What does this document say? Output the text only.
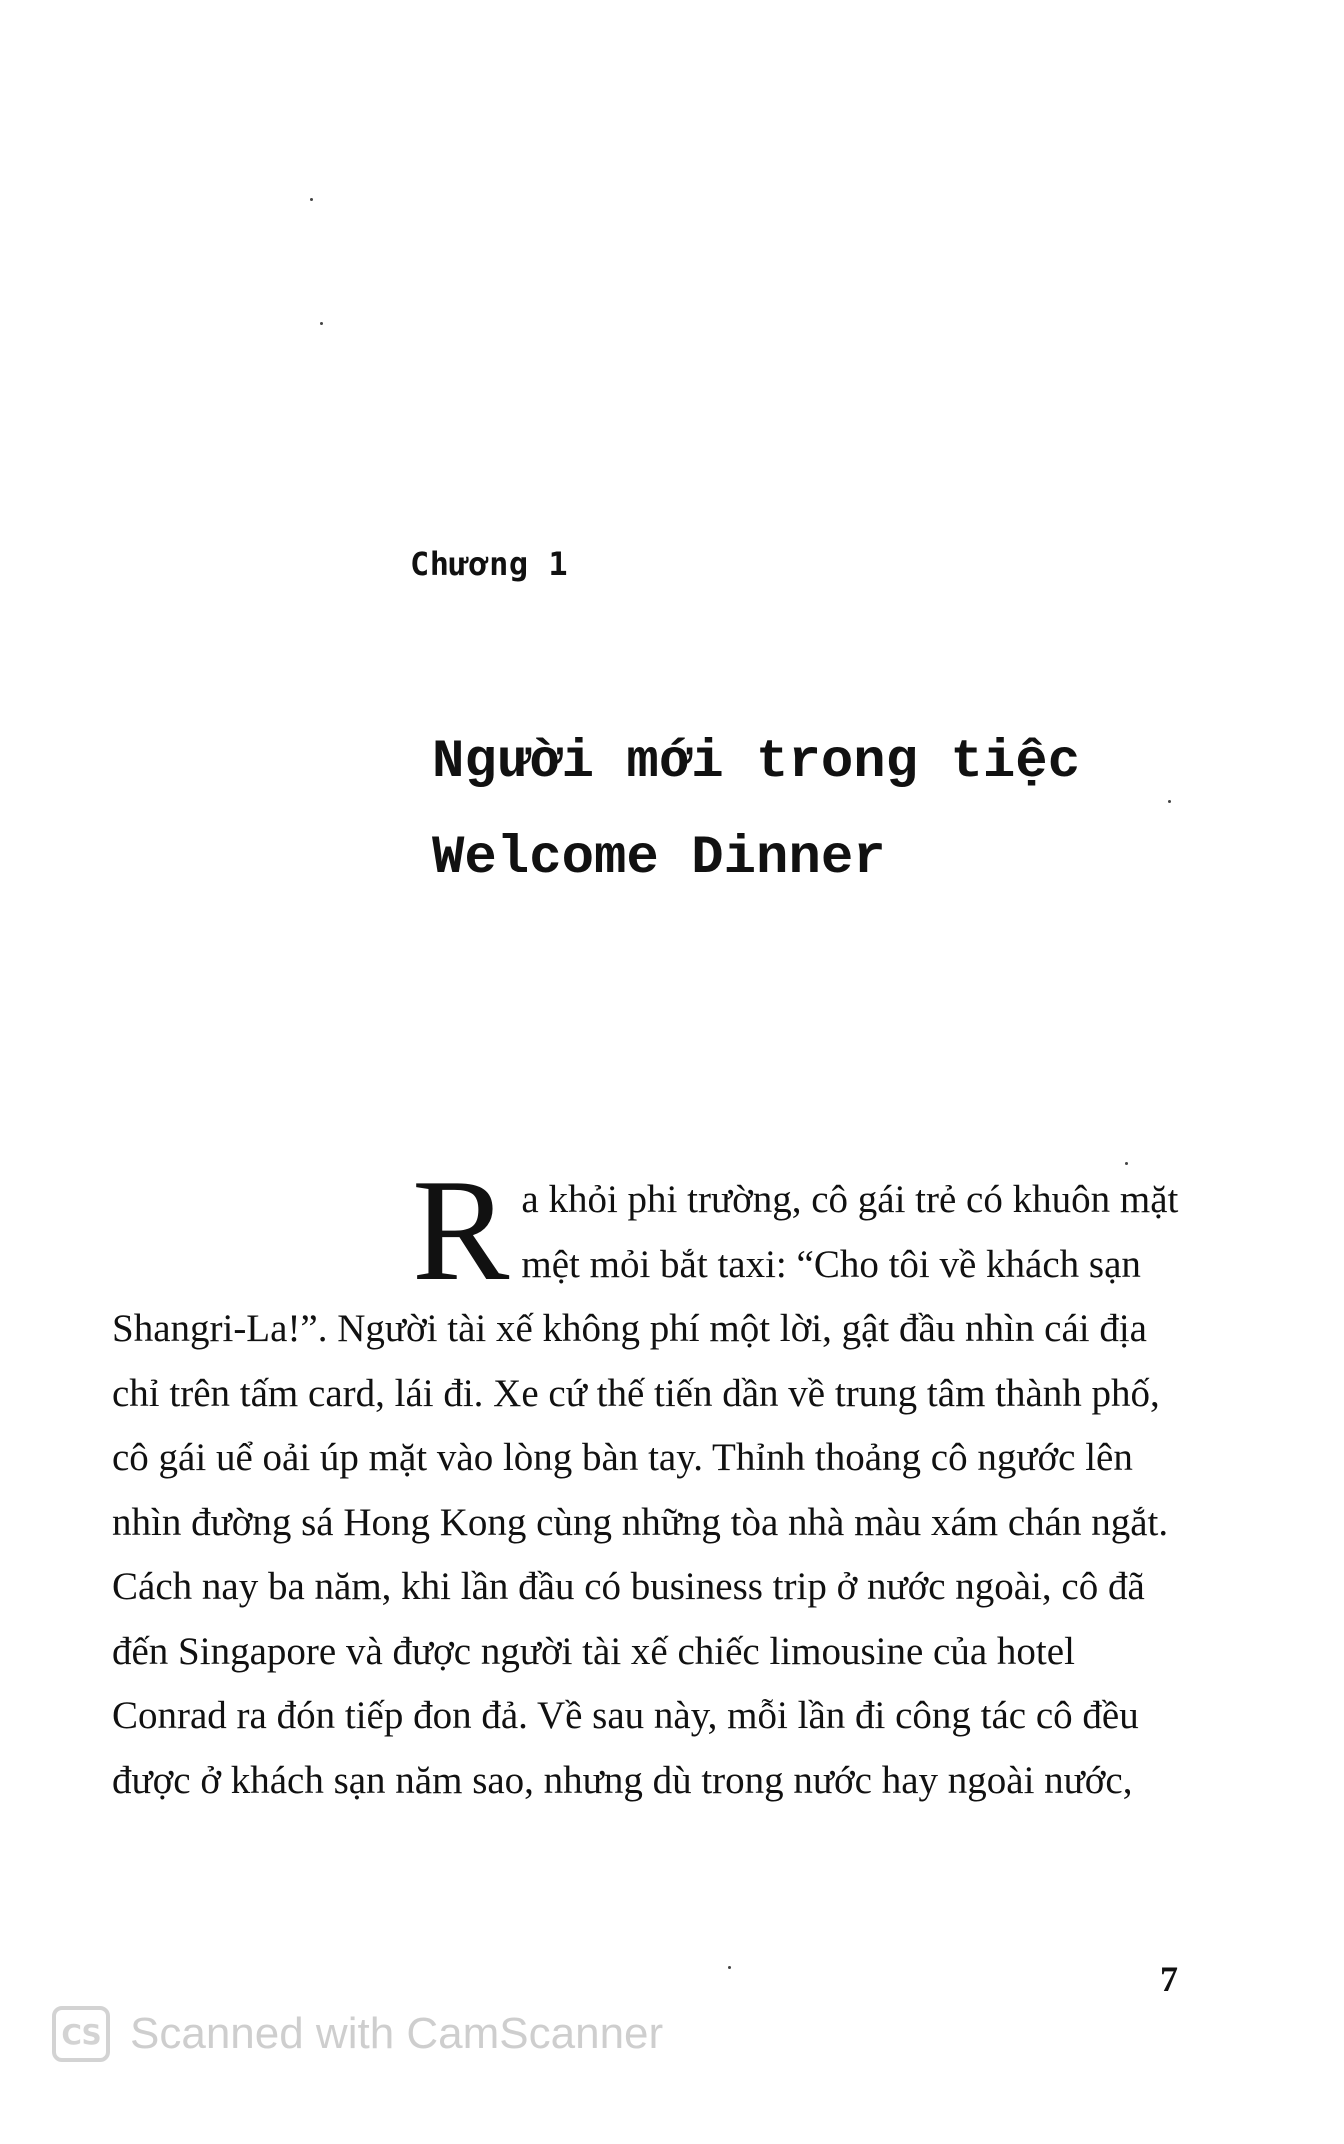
Chương 1

Người mới trong tiệc
Welcome Dinner

Ra khỏi phi trường, cô gái trẻ có khuôn mặt mệt mỏi bắt taxi: “Cho tôi về khách sạn Shangri-La!”. Người tài xế không phí một lời, gật đầu nhìn cái địa chỉ trên tấm card, lái đi. Xe cứ thế tiến dần về trung tâm thành phố, cô gái uể oải úp mặt vào lòng bàn tay. Thỉnh thoảng cô ngước lên nhìn đường sá Hong Kong cùng những tòa nhà màu xám chán ngắt. Cách nay ba năm, khi lần đầu có business trip ở nước ngoài, cô đã đến Singapore và được người tài xế chiếc limousine của hotel Conrad ra đón tiếp đon đả. Về sau này, mỗi lần đi công tác cô đều được ở khách sạn năm sao, nhưng dù trong nước hay ngoài nước,

7

CS Scanned with CamScanner
